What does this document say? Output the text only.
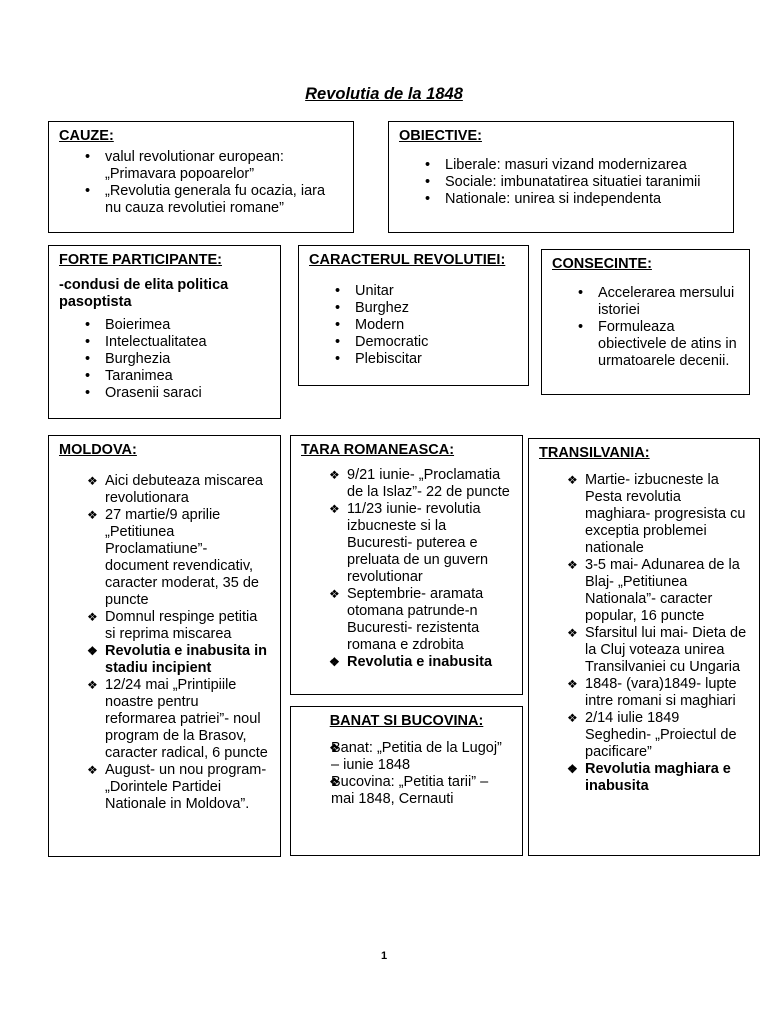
Revolutia de la 1848
CAUZE:
• valul revolutionar european: „Primavara popoarelor”
• „Revolutia generala fu ocazia, iara nu cauza revolutiei romane”
OBIECTIVE:
• Liberale: masuri vizand modernizarea
• Sociale: imbunatatirea situatiei taranimii
• Nationale: unirea si independenta
FORTE PARTICIPANTE:
-condusi de elita politica pasoptista
• Boierimea
• Intelectualitatea
• Burghezia
• Taranimea
• Orasenii saraci
CARACTERUL REVOLUTIEI:
• Unitar
• Burghez
• Modern
• Democratic
• Plebiscitar
CONSECINTE:
• Accelerarea mersului istoriei
• Formuleaza obiectivele de atins in urmatoarele decenii.
MOLDOVA:
❖ Aici debuteaza miscarea revolutionara
❖ 27 martie/9 aprilie „Petitiunea Proclamatiune”- document revendicativ, caracter moderat, 35 de puncte
❖ Domnul respinge petitia si reprima miscarea
❖ Revolutia e inabusita in stadiu incipient
❖ 12/24 mai „Printipiile noastre pentru reformarea patriei”- noul program de la Brasov, caracter radical, 6 puncte
❖ August- un nou program- „Dorintele Partidei Nationale in Moldova”.
TARA ROMANEASCA:
❖ 9/21 iunie- „Proclamatia de la Islaz”- 22 de puncte
❖ 11/23 iunie- revolutia izbucneste si la Bucuresti- puterea e preluata de un guvern revolutionar
❖ Septembrie- aramata otomana patrunde-n Bucuresti- rezistenta romana e zdrobita
❖ Revolutia e inabusita
BANAT SI BUCOVINA:
❖ Banat: „Petitia de la Lugoj” – iunie 1848
❖ Bucovina: „Petitia tarii” – mai 1848, Cernauti
TRANSILVANIA:
❖ Martie- izbucneste la Pesta revolutia maghiara- progresista cu exceptia problemei nationale
❖ 3-5 mai- Adunarea de la Blaj- „Petitiunea Nationala”- caracter popular, 16 puncte
❖ Sfarsitul lui mai- Dieta de la Cluj voteaza unirea Transilvaniei cu Ungaria
❖ 1848- (vara)1849- lupte intre romani si maghiari
❖ 2/14 iulie 1849 Seghedin- „Proiectul de pacificare”
❖ Revolutia maghiara e inabusita
1
